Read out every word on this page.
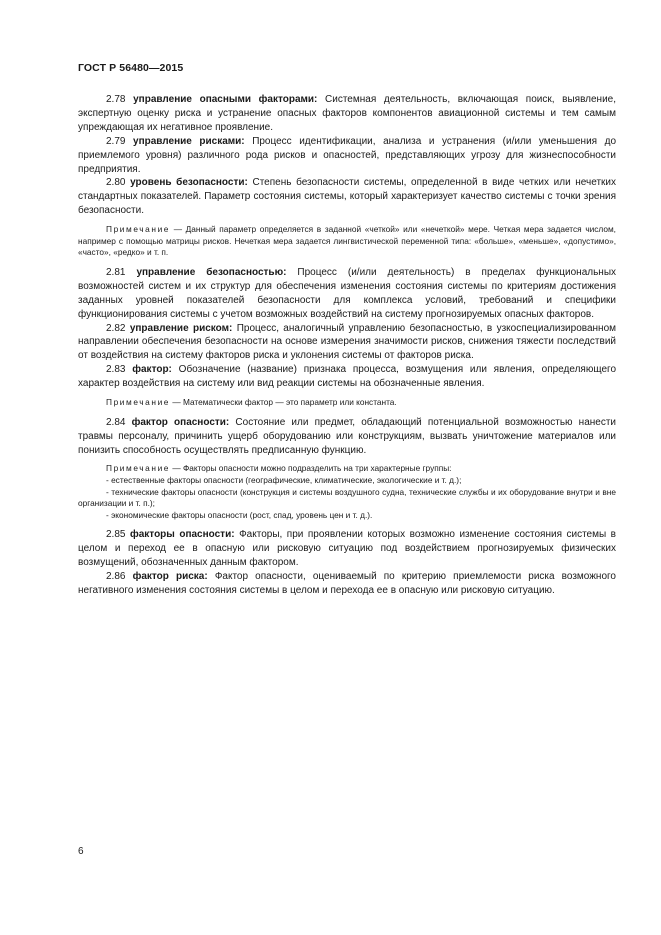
ГОСТ Р 56480—2015

2.78 управление опасными факторами: Системная деятельность, включающая поиск, выявление, экспертную оценку риска и устранение опасных факторов компонентов авиационной системы и тем самым упреждающая их негативное проявление.

2.79 управление рисками: Процесс идентификации, анализа и устранения (и/или уменьшения до приемлемого уровня) различного рода рисков и опасностей, представляющих угрозу для жизнеспособности предприятия.

2.80 уровень безопасности: Степень безопасности системы, определенной в виде четких или нечетких стандартных показателей. Параметр состояния системы, который характеризует качество системы с точки зрения безопасности.

Примечание — Данный параметр определяется в заданной «четкой» или «нечеткой» мере. Четкая мера задается числом, например с помощью матрицы рисков. Нечеткая мера задается лингвистической переменной типа: «больше», «меньше», «допустимо», «часто», «редко» и т. п.

2.81 управление безопасностью: Процесс (и/или деятельность) в пределах функциональных возможностей систем и их структур для обеспечения изменения состояния системы по критериям достижения заданных уровней показателей безопасности для комплекса условий, требований и специфики функционирования системы с учетом возможных воздействий на систему прогнозируемых опасных факторов.

2.82 управление риском: Процесс, аналогичный управлению безопасностью, в узкоспециализированном направлении обеспечения безопасности на основе измерения значимости рисков, снижения тяжести последствий от воздействия на систему факторов риска и уклонения системы от факторов риска.

2.83 фактор: Обозначение (название) признака процесса, возмущения или явления, определяющего характер воздействия на систему или вид реакции системы на обозначенные явления.

Примечание — Математически фактор — это параметр или константа.

2.84 фактор опасности: Состояние или предмет, обладающий потенциальной возможностью нанести травмы персоналу, причинить ущерб оборудованию или конструкциям, вызвать уничтожение материалов или понизить способность осуществлять предписанную функцию.

Примечание — Факторы опасности можно подразделить на три характерные группы:

- естественные факторы опасности (географические, климатические, экологические и т. д.);

- технические факторы опасности (конструкция и системы воздушного судна, технические службы и их оборудование внутри и вне организации и т. п.);

- экономические факторы опасности (рост, спад, уровень цен и т. д.).

2.85 факторы опасности: Факторы, при проявлении которых возможно изменение состояния системы в целом и переход ее в опасную или рисковую ситуацию под воздействием прогнозируемых физических возмущений, обозначенных данным фактором.

2.86 фактор риска: Фактор опасности, оцениваемый по критерию приемлемости риска возможного негативного изменения состояния системы в целом и перехода ее в опасную или рисковую ситуацию.

6
